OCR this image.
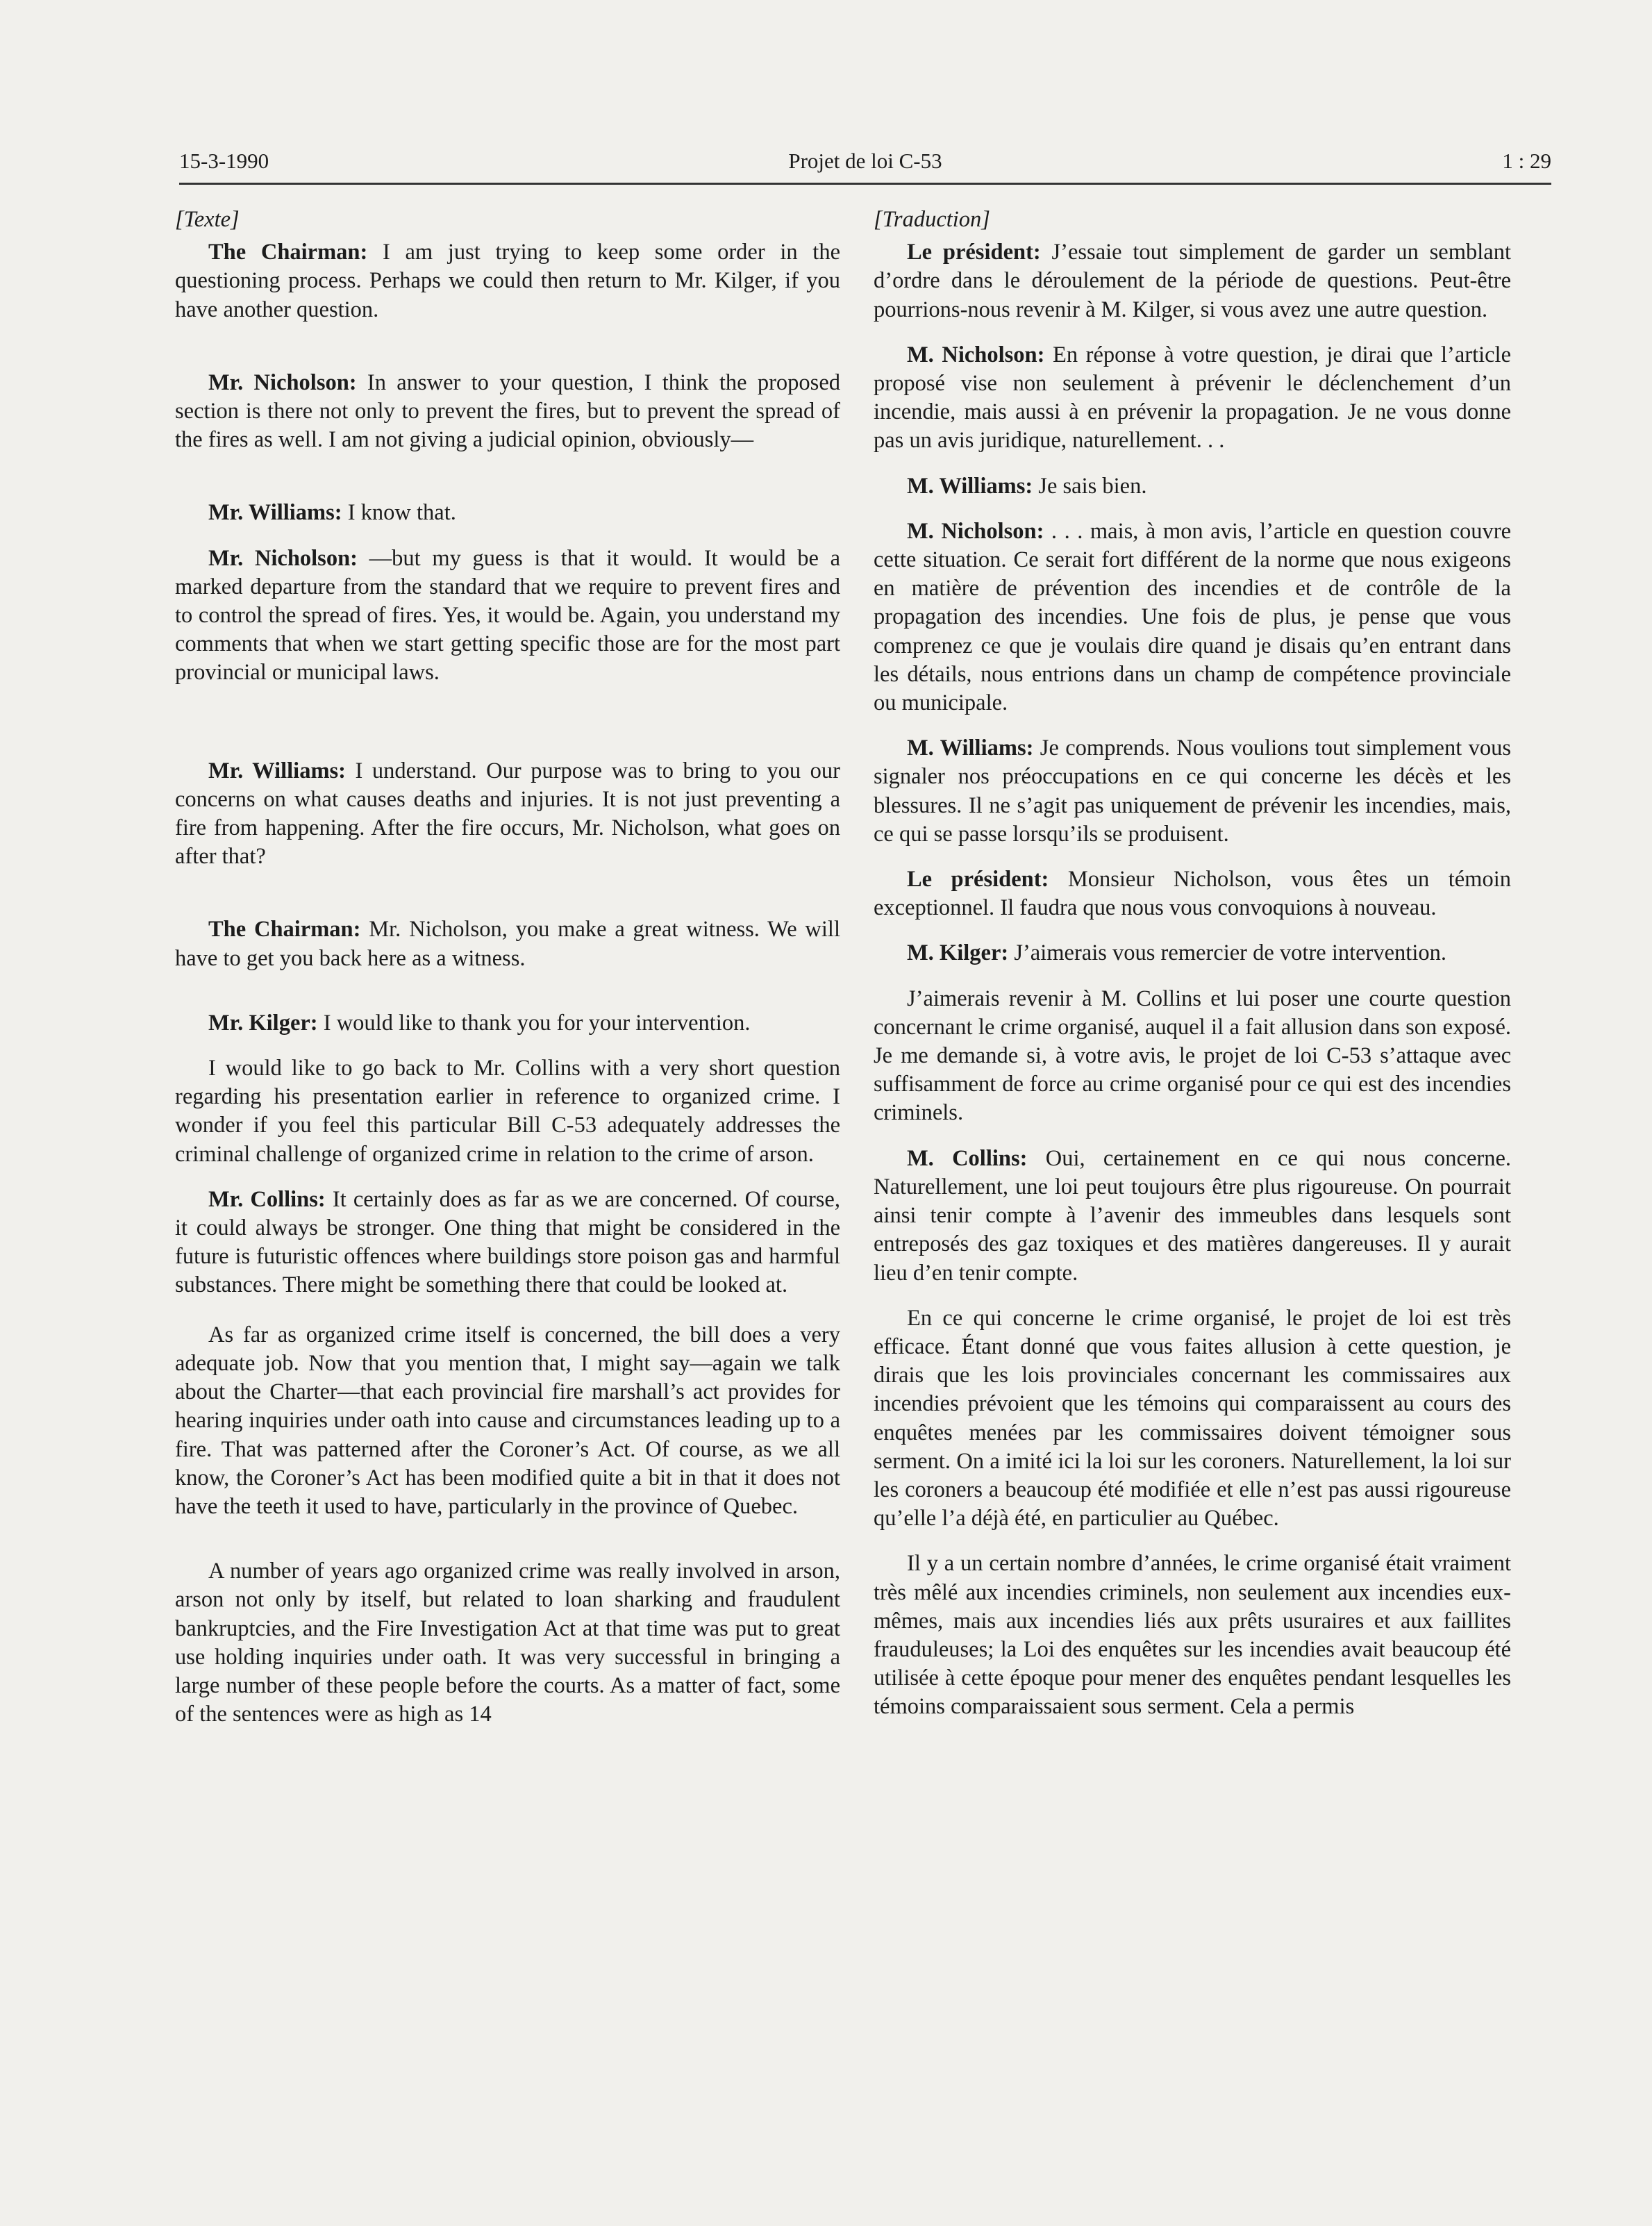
15-3-1990	Projet de loi C-53	1 : 29
[Texte]

The Chairman: I am just trying to keep some order in the questioning process. Perhaps we could then return to Mr. Kilger, if you have another question.

Mr. Nicholson: In answer to your question, I think the proposed section is there not only to prevent the fires, but to prevent the spread of the fires as well. I am not giving a judicial opinion, obviously—

Mr. Williams: I know that.

Mr. Nicholson: —but my guess is that it would. It would be a marked departure from the standard that we require to prevent fires and to control the spread of fires. Yes, it would be. Again, you understand my comments that when we start getting specific those are for the most part provincial or municipal laws.

Mr. Williams: I understand. Our purpose was to bring to you our concerns on what causes deaths and injuries. It is not just preventing a fire from happening. After the fire occurs, Mr. Nicholson, what goes on after that?

The Chairman: Mr. Nicholson, you make a great witness. We will have to get you back here as a witness.

Mr. Kilger: I would like to thank you for your intervention.

I would like to go back to Mr. Collins with a very short question regarding his presentation earlier in reference to organized crime. I wonder if you feel this particular Bill C-53 adequately addresses the criminal challenge of organized crime in relation to the crime of arson.

Mr. Collins: It certainly does as far as we are concerned. Of course, it could always be stronger. One thing that might be considered in the future is futuristic offences where buildings store poison gas and harmful substances. There might be something there that could be looked at.

As far as organized crime itself is concerned, the bill does a very adequate job. Now that you mention that, I might say—again we talk about the Charter—that each provincial fire marshall’s act provides for hearing inquiries under oath into cause and circumstances leading up to a fire. That was patterned after the Coroner’s Act. Of course, as we all know, the Coroner’s Act has been modified quite a bit in that it does not have the teeth it used to have, particularly in the province of Quebec.

A number of years ago organized crime was really involved in arson, arson not only by itself, but related to loan sharking and fraudulent bankruptcies, and the Fire Investigation Act at that time was put to great use holding inquiries under oath. It was very successful in bringing a large number of these people before the courts. As a matter of fact, some of the sentences were as high as 14

[Traduction]

Le président: J’essaie tout simplement de garder un semblant d’ordre dans le déroulement de la période de questions. Peut-être pourrions-nous revenir à M. Kilger, si vous avez une autre question.

M. Nicholson: En réponse à votre question, je dirai que l’article proposé vise non seulement à prévenir le déclenchement d’un incendie, mais aussi à en prévenir la propagation. Je ne vous donne pas un avis juridique, naturellement. . .

M. Williams: Je sais bien.

M. Nicholson: . . . mais, à mon avis, l’article en question couvre cette situation. Ce serait fort différent de la norme que nous exigeons en matière de prévention des incendies et de contrôle de la propagation des incendies. Une fois de plus, je pense que vous comprenez ce que je voulais dire quand je disais qu’en entrant dans les détails, nous entrions dans un champ de compétence provinciale ou municipale.

M. Williams: Je comprends. Nous voulions tout simplement vous signaler nos préoccupations en ce qui concerne les décès et les blessures. Il ne s’agit pas uniquement de prévenir les incendies, mais, ce qui se passe lorsqu’ils se produisent.

Le président: Monsieur Nicholson, vous êtes un témoin exceptionnel. Il faudra que nous vous convoquions à nouveau.

M. Kilger: J’aimerais vous remercier de votre intervention.

J’aimerais revenir à M. Collins et lui poser une courte question concernant le crime organisé, auquel il a fait allusion dans son exposé. Je me demande si, à votre avis, le projet de loi C-53 s’attaque avec suffisamment de force au crime organisé pour ce qui est des incendies criminels.

M. Collins: Oui, certainement en ce qui nous concerne. Naturellement, une loi peut toujours être plus rigoureuse. On pourrait ainsi tenir compte à l’avenir des immeubles dans lesquels sont entreposés des gaz toxiques et des matières dangereuses. Il y aurait lieu d’en tenir compte.

En ce qui concerne le crime organisé, le projet de loi est très efficace. Étant donné que vous faites allusion à cette question, je dirais que les lois provinciales concernant les commissaires aux incendies prévoient que les témoins qui comparaissent au cours des enquêtes menées par les commissaires doivent témoigner sous serment. On a imité ici la loi sur les coroners. Naturellement, la loi sur les coroners a beaucoup été modifiée et elle n’est pas aussi rigoureuse qu’elle l’a déjà été, en particulier au Québec.

Il y a un certain nombre d’années, le crime organisé était vraiment très mêlé aux incendies criminels, non seulement aux incendies eux-mêmes, mais aux incendies liés aux prêts usuraires et aux faillites frauduleuses; la Loi des enquêtes sur les incendies avait beaucoup été utilisée à cette époque pour mener des enquêtes pendant lesquelles les témoins comparaissaient sous serment. Cela a permis
